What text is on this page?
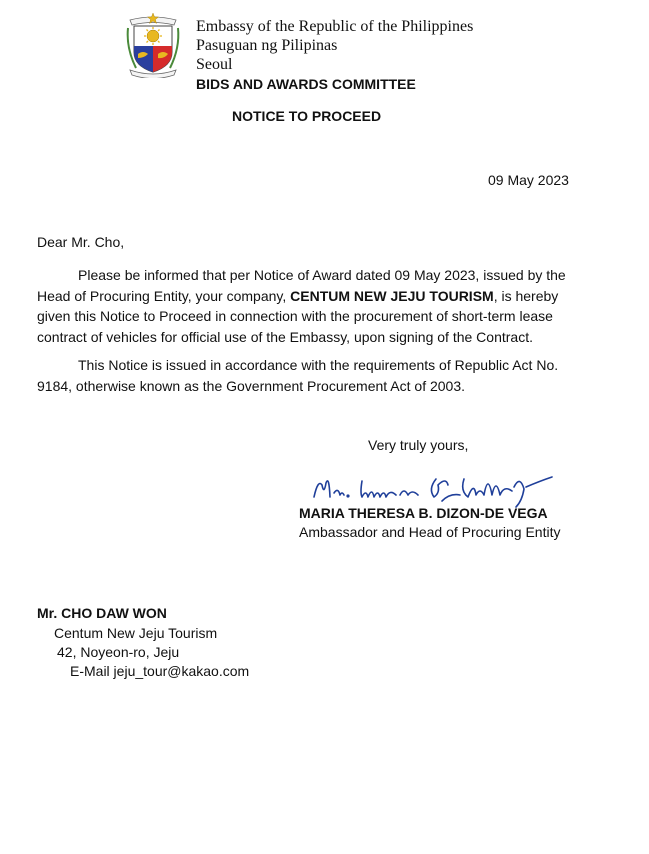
Embassy of the Republic of the Philippines
Pasuguan ng Pilipinas
Seoul
BIDS AND AWARDS COMMITTEE
NOTICE TO PROCEED
09 May 2023
Dear Mr. Cho,

Please be informed that per Notice of Award dated 09 May 2023, issued by the Head of Procuring Entity, your company, CENTUM NEW JEJU TOURISM, is hereby given this Notice to Proceed in connection with the procurement of short-term lease contract of vehicles for official use of the Embassy, upon signing of the Contract.

This Notice is issued in accordance with the requirements of Republic Act No. 9184, otherwise known as the Government Procurement Act of 2003.

Very truly yours,
MARIA THERESA B. DIZON-DE VEGA
Ambassador and Head of Procuring Entity
Mr. CHO DAW WON
Centum New Jeju Tourism
42, Noyeon-ro, Jeju
E-Mail jeju_tour@kakao.com
